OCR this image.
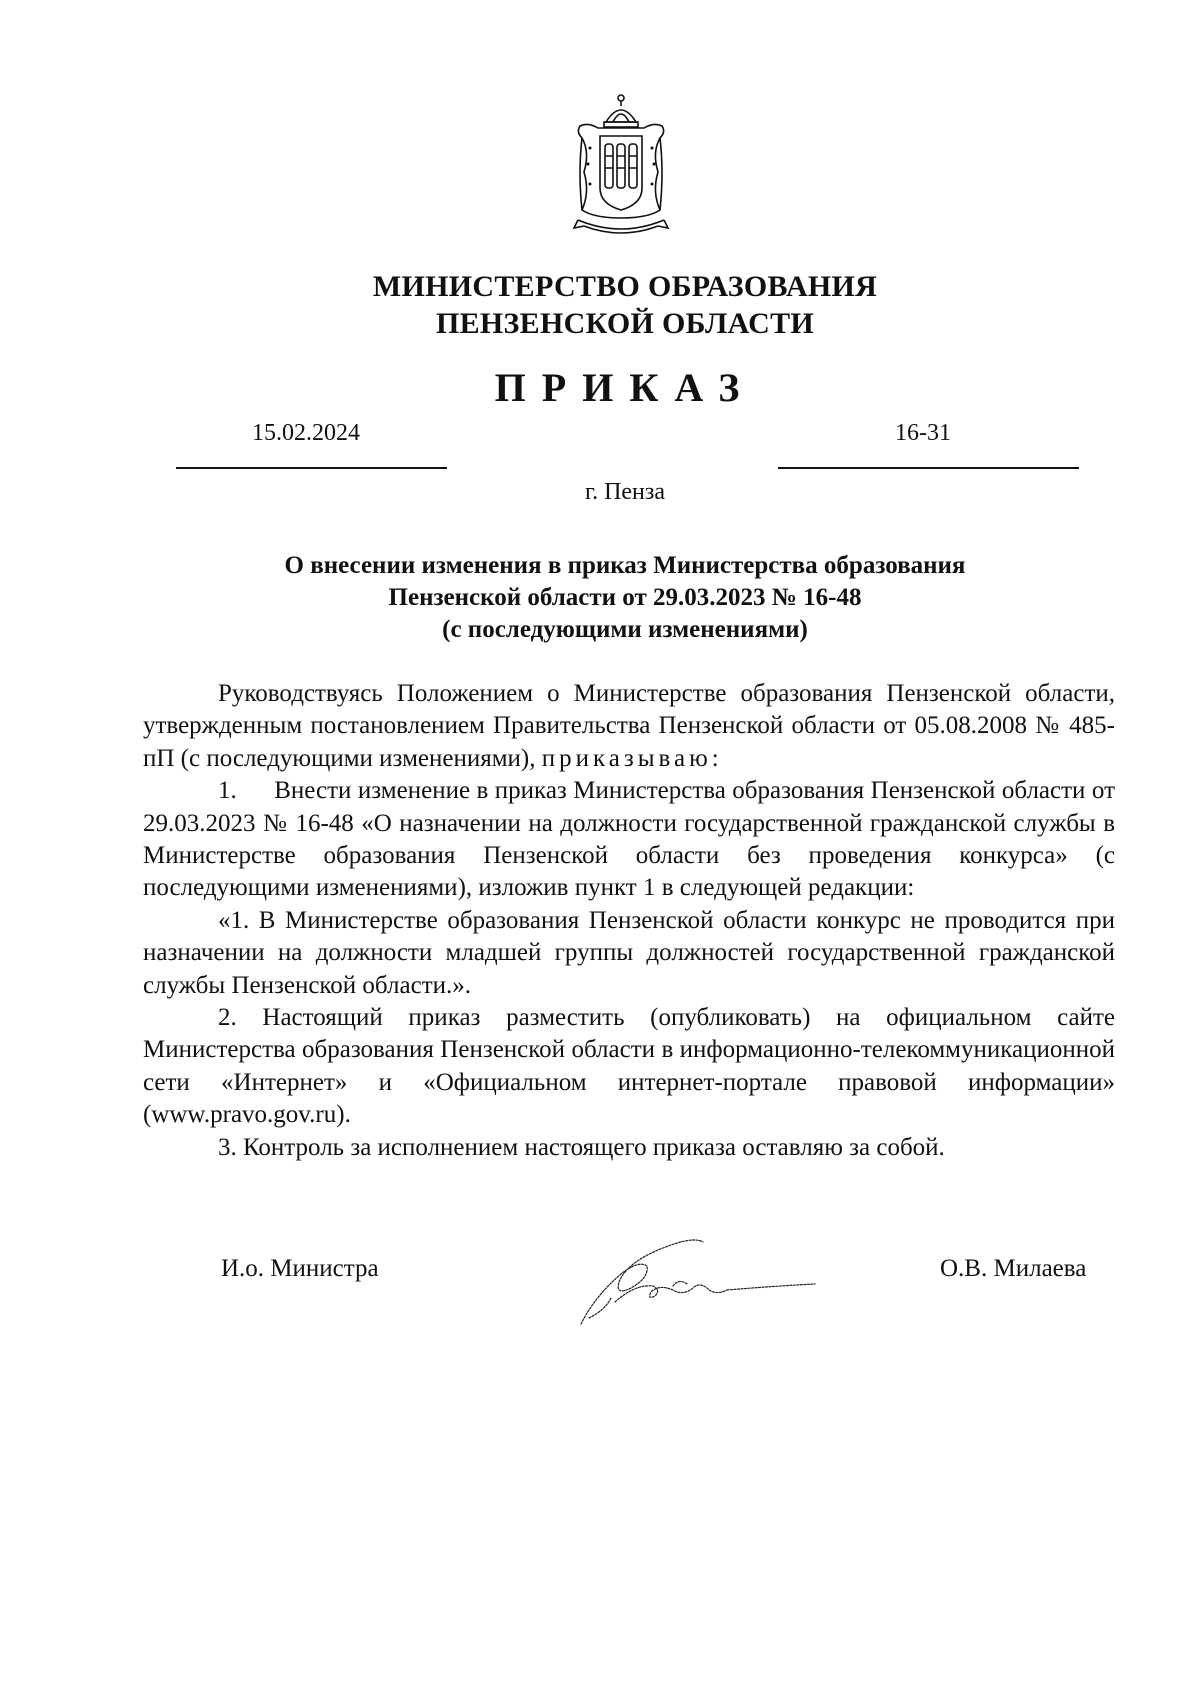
МИНИСТЕРСТВО ОБРАЗОВАНИЯ
ПЕНЗЕНСКОЙ ОБЛАСТИ
ПРИКАЗ
15.02.2024	16-31
г. Пенза
О внесении изменения в приказ Министерства образования
Пензенской области от 29.03.2023 № 16-48
(с последующими изменениями)

Руководствуясь Положением о Министерстве образования Пензенской области, утвержденным постановлением Правительства Пензенской области от 05.08.2008 № 485-пП (с последующими изменениями), приказываю:

1.  Внести изменение в приказ Министерства образования Пензенской области от 29.03.2023 № 16-48 «О назначении на должности государственной гражданской службы в Министерстве образования Пензенской области без проведения конкурса» (с последующими изменениями), изложив пункт 1 в следующей редакции:

«1. В Министерстве образования Пензенской области конкурс не проводится при назначении на должности младшей группы должностей государственной гражданской службы Пензенской области.».

2. Настоящий приказ разместить (опубликовать) на официальном сайте Министерства образования Пензенской области в информационно-телекоммуникационной сети «Интернет» и «Официальном интернет-портале правовой информации» (www.pravo.gov.ru).

3. Контроль за исполнением настоящего приказа оставляю за собой.

И.о. Министра	О.В. Милаева
